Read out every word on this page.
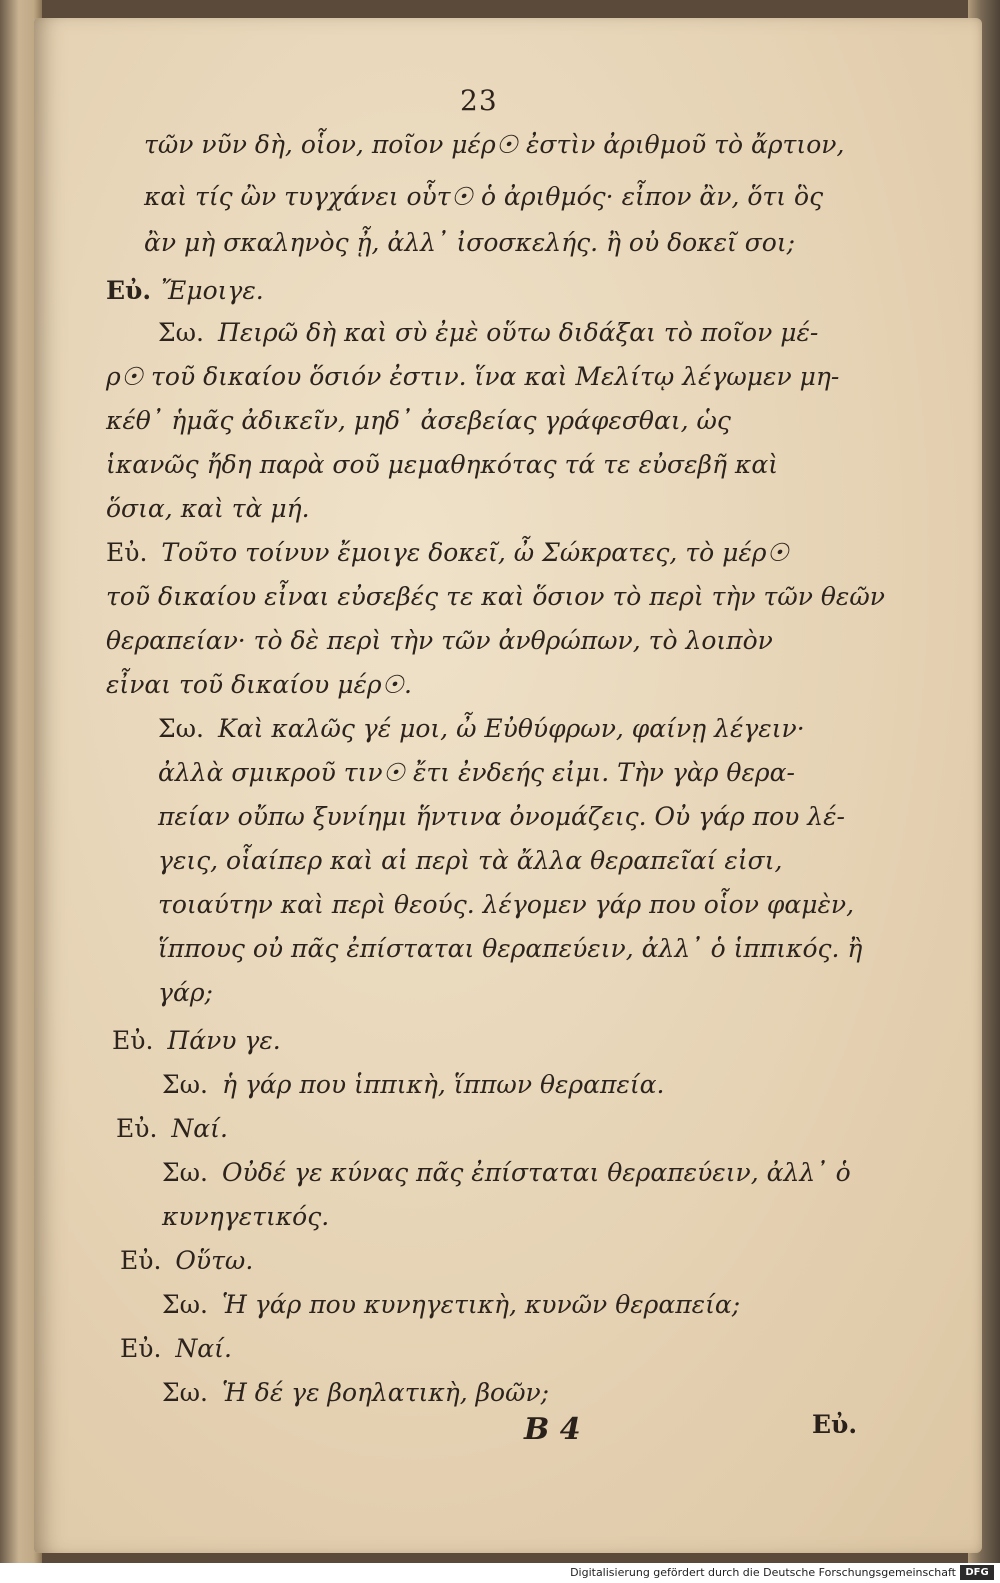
23
τῶν νῦν δὴ, οἷον, ποῖον μέρ☉ ἐστὶν ἀριθμοῦ τὸ ἄρτιον,
καὶ τίς ὢν τυγχάνει οὗτ☉ ὁ ἀριθμός· εἶπον ἂν, ὅτι ὃς
ἂν μὴ σκαληνὸς ᾖ, ἀλλ᾽ ἰσοσκελής. ἢ οὐ δοκεῖ σοι;
Εὐ. Ἔμοιγε.
Σω. Πειρῶ δὴ καὶ σὺ ἐμὲ οὕτω διδάξαι τὸ ποῖον μέ-
ρ☉ τοῦ δικαίου ὅσιόν ἐστιν. ἵνα καὶ Μελίτῳ λέγωμεν μη-
κέθ᾽ ἡμᾶς ἀδικεῖν, μηδ᾽ ἀσεβείας γράφεσθαι, ὡς
ἱκανῶς ἤδη παρὰ σοῦ μεμαθηκότας τά τε εὐσεβῆ καὶ
ὅσια, καὶ τὰ μή.
Εὐ. Τοῦτο τοίνυν ἔμοιγε δοκεῖ, ὦ Σώκρατες, τὸ μέρ☉
τοῦ δικαίου εἶναι εὐσεβές τε καὶ ὅσιον τὸ περὶ τὴν τῶν θεῶν
θεραπείαν· τὸ δὲ περὶ τὴν τῶν ἀνθρώπων, τὸ λοιπὸν
εἶναι τοῦ δικαίου μέρ☉.
Σω. Καὶ καλῶς γέ μοι, ὦ Εὐθύφρων, φαίνῃ λέγειν·
ἀλλὰ σμικροῦ τιν☉ ἔτι ἐνδεής εἰμι. Τὴν γὰρ θερα-
πείαν οὔπω ξυνίημι ἥντινα ὀνομάζεις. Οὐ γάρ που λέ-
γεις, οἷαίπερ καὶ αἱ περὶ τὰ ἄλλα θεραπεῖαί εἰσι,
τοιαύτην καὶ περὶ θεούς. λέγομεν γάρ που οἷον φαμὲν,
ἵππους οὐ πᾶς ἐπίσταται θεραπεύειν, ἀλλ᾽ ὁ ἱππικός. ἢ
γάρ;
Εὐ. Πάνυ γε.
Σω. ἡ γάρ που ἱππικὴ, ἵππων θεραπεία.
Εὐ. Ναί.
Σω. Οὐδέ γε κύνας πᾶς ἐπίσταται θεραπεύειν, ἀλλ᾽ ὁ
κυνηγετικός.
Εὐ. Οὕτω.
Σω. Ἡ γάρ που κυνηγετικὴ, κυνῶν θεραπεία;
Εὐ. Ναί.
Σω. Ἡ δέ γε βοηλατικὴ, βοῶν;
B 4	Εὐ.
Digitalisierung gefördert durch die Deutsche Forschungsgemeinschaft DFG
